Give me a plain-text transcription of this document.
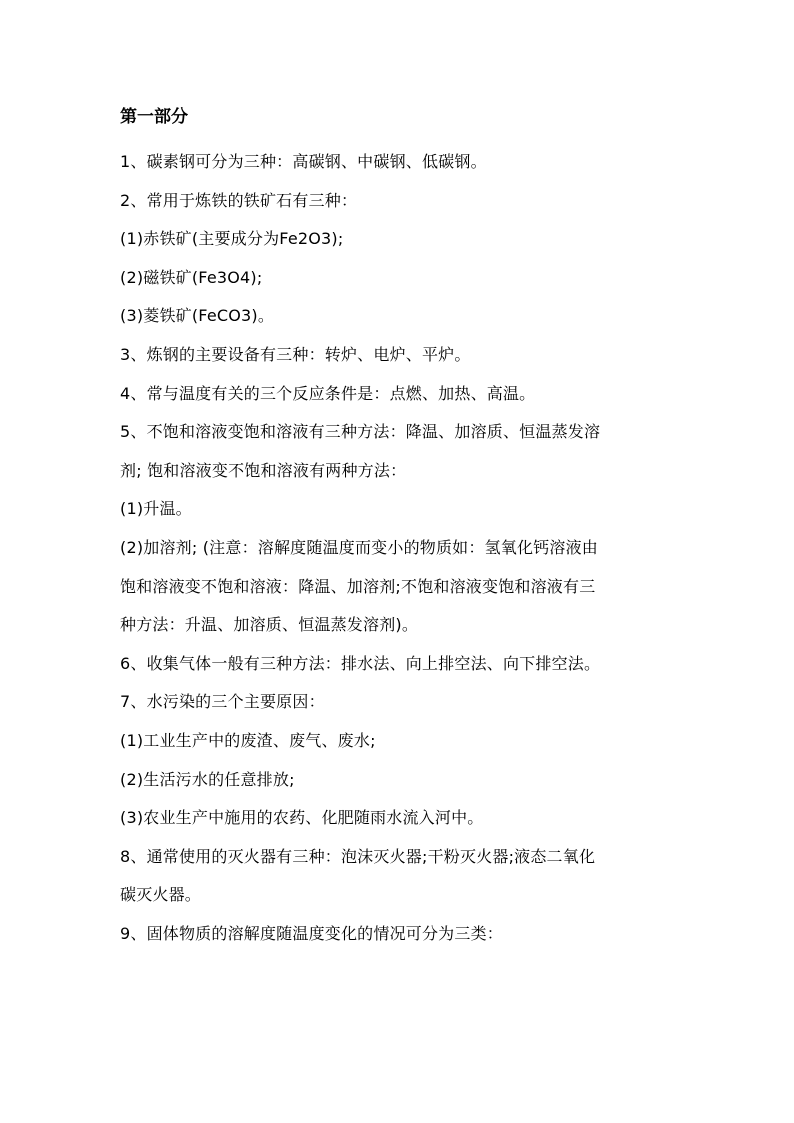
第一部分
1、碳素钢可分为三种：高碳钢、中碳钢、低碳钢。
2、常用于炼铁的铁矿石有三种：
(1)赤铁矿(主要成分为Fe2O3);
(2)磁铁矿(Fe3O4);
(3)菱铁矿(FeCO3)。
3、炼钢的主要设备有三种：转炉、电炉、平炉。
4、常与温度有关的三个反应条件是：点燃、加热、高温。
5、不饱和溶液变饱和溶液有三种方法：降温、加溶质、恒温蒸发溶
剂; 饱和溶液变不饱和溶液有两种方法：
(1)升温。
(2)加溶剂; (注意：溶解度随温度而变小的物质如：氢氧化钙溶液由
饱和溶液变不饱和溶液：降温、加溶剂;不饱和溶液变饱和溶液有三
种方法：升温、加溶质、恒温蒸发溶剂)。
6、收集气体一般有三种方法：排水法、向上排空法、向下排空法。
7、水污染的三个主要原因：
(1)工业生产中的废渣、废气、废水;
(2)生活污水的任意排放;
(3)农业生产中施用的农药、化肥随雨水流入河中。
8、通常使用的灭火器有三种：泡沫灭火器;干粉灭火器;液态二氧化
碳灭火器。
9、固体物质的溶解度随温度变化的情况可分为三类：
